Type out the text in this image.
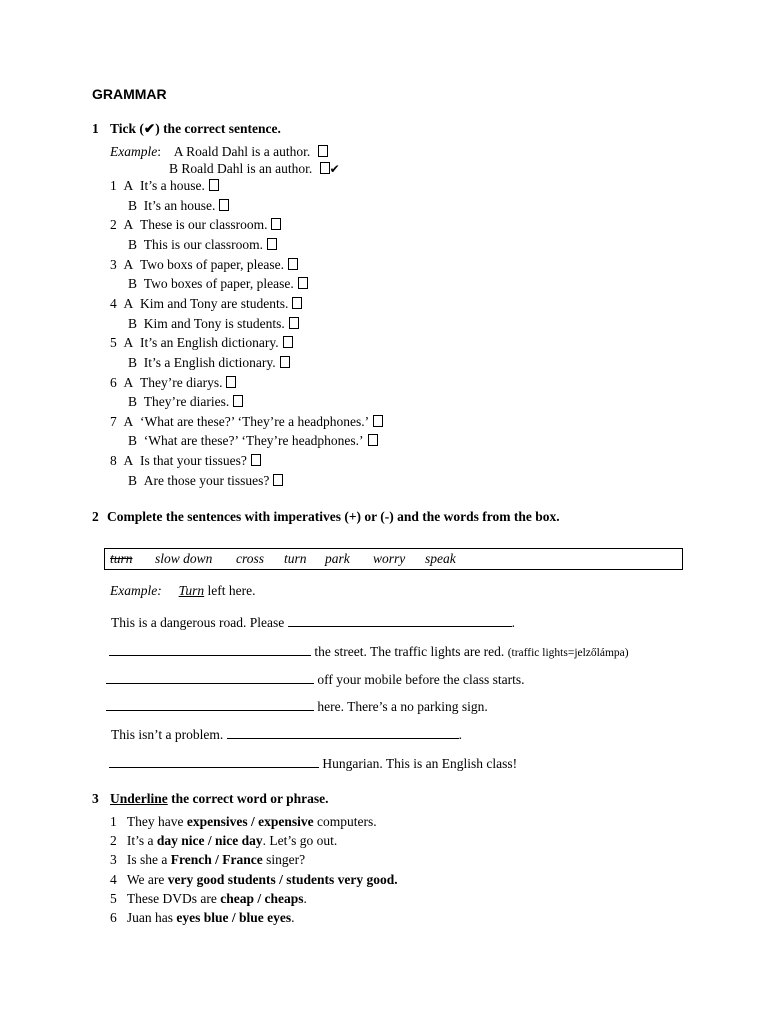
GRAMMAR
1 Tick (✔) the correct sentence.
Example:    A Roald Dahl is a author.
B Roald Dahl is an author. ✔
1  A  It’s a house.
B  It’s an house.
2  A  These is our classroom.
B  This is our classroom.
3  A  Two boxs of paper, please.
B  Two boxes of paper, please.
4  A  Kim and Tony are students.
B  Kim and Tony is students.
5  A  It’s an English dictionary.
B  It’s a English dictionary.
6  A  They’re diarys.
B  They’re diaries.
7  A  ‘What are these?’ ‘They’re a headphones.’
B  ‘What are these?’ ‘They’re headphones.’
8  A  Is that your tissues?
B  Are those your tissues?
2 Complete the sentences with imperatives (+) or (-) and the words from the box.
turn slow down cross turn park worry speak
Example: Turn left here.
This is a dangerous road. Please	.
the street. The traffic lights are red. (traffic lights=jelzőlámpa)
off your mobile before the class starts.
here. There’s a no parking sign.
This isn’t a problem.	.
Hungarian. This is an English class!
3 Underline the correct word or phrase.
1 They have expensives / expensive computers.
2 It’s a day nice / nice day. Let’s go out.
3 Is she a French / France singer?
4 We are very good students / students very good.
5 These DVDs are cheap / cheaps.
6 Juan has eyes blue / blue eyes.
